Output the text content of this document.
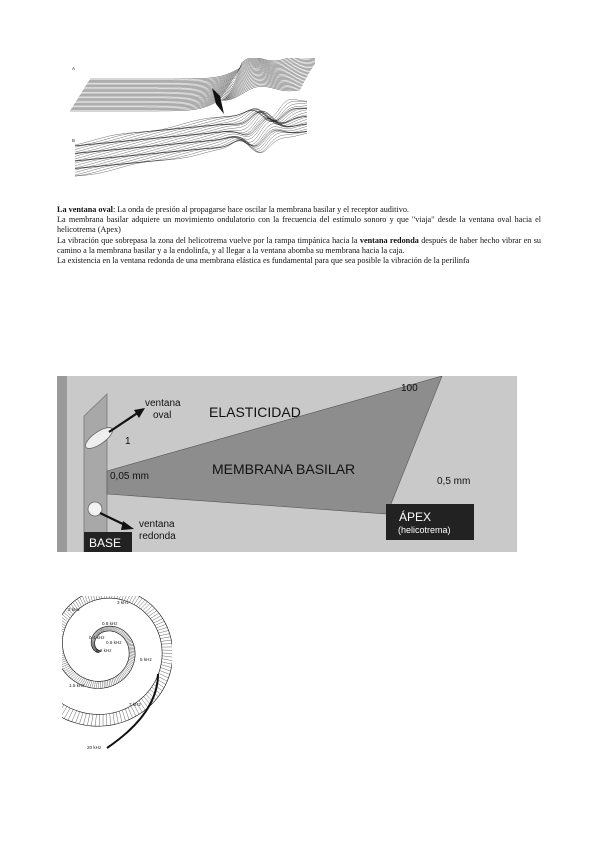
A
B

La ventana oval: La onda de presión al propagarse hace oscilar la membrana basilar y el receptor auditivo.

La membrana basilar adquiere un movimiento ondulatorio con la frecuencia del estímulo sonoro y que "viaja" desde la ventana oval hacia el helicotrema (Apex)

La vibración que sobrepasa la zona del helicotrema vuelve por la rampa timpánica hacia la ventana redonda después de haber hecho vibrar en su camino a la membrana basilar y a la endolinfa, y al llegar a la ventana abomba su membrana hacia la caja.

La existencia en la ventana redonda de una membrana elástica es fundamental para que sea posible la vibración de la perilinfa

ventana
oval	ELASTICIDAD
100
1
0,05 mm	MEMBRANA BASILAR
0,5 mm
ventana
redonda
BASE
ÁPEX
(helicotrema)
2 kHz
3 kHz
0.8 kHz
0.4 kHz
0.6 kHz
5 kHz
1.5 kHz
7 kHz
20 kHz
0.2 kHz
